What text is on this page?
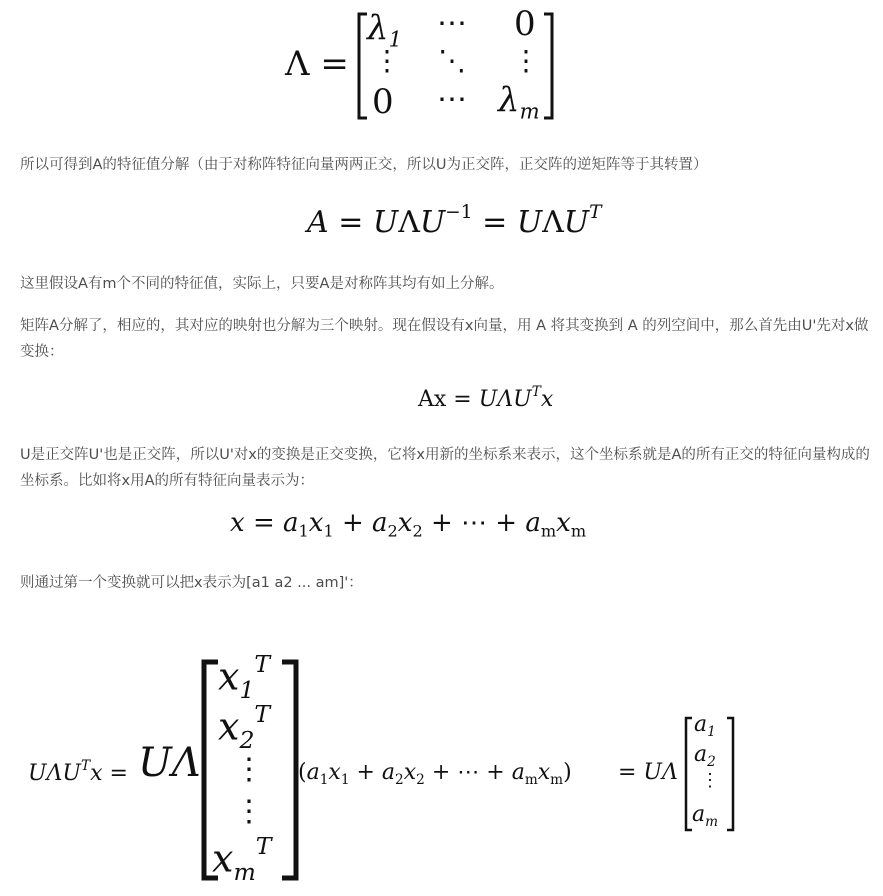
Λ =
$\lambda_1$ ⋯ 0
⋮ ⋱ ⋮
0 ⋯ $\lambda_m$

所以可得到A的特征值分解（由于对称阵特征向量两两正交，所以U为正交阵，正交阵的逆矩阵等于其转置）

$A = U\Lambda U^{-1} = U\Lambda U^T$

这里假设A有m个不同的特征值，实际上，只要A是对称阵其均有如上分解。

矩阵A分解了，相应的，其对应的映射也分解为三个映射。现在假设有x向量，用 A 将其变换到 A 的列空间中，那么首先由U'先对x做变换：

$Ax = U\Lambda U^Tx$

U是正交阵U'也是正交阵，所以U'对x的变换是正交变换，它将x用新的坐标系来表示，这个坐标系就是A的所有正交的特征向量构成的坐标系。比如将x用A的所有特征向量表示为：

$x = a_1x_1 + a_2x_2$ + ⋯ + $a_mx_m$

则通过第一个变换就可以把x表示为[a1 a2 ... am]'：

$U\Lambda U^Tx = U\Lambda$
$x_1^T$
$x_2^T$
⋮
⋮
$x_m^T$
($a_1x_1 + a_2x_2$ + ⋯ + $a_mx_m) = U\Lambda$
$a_1$
$a_2$
⋮
$a_m$
